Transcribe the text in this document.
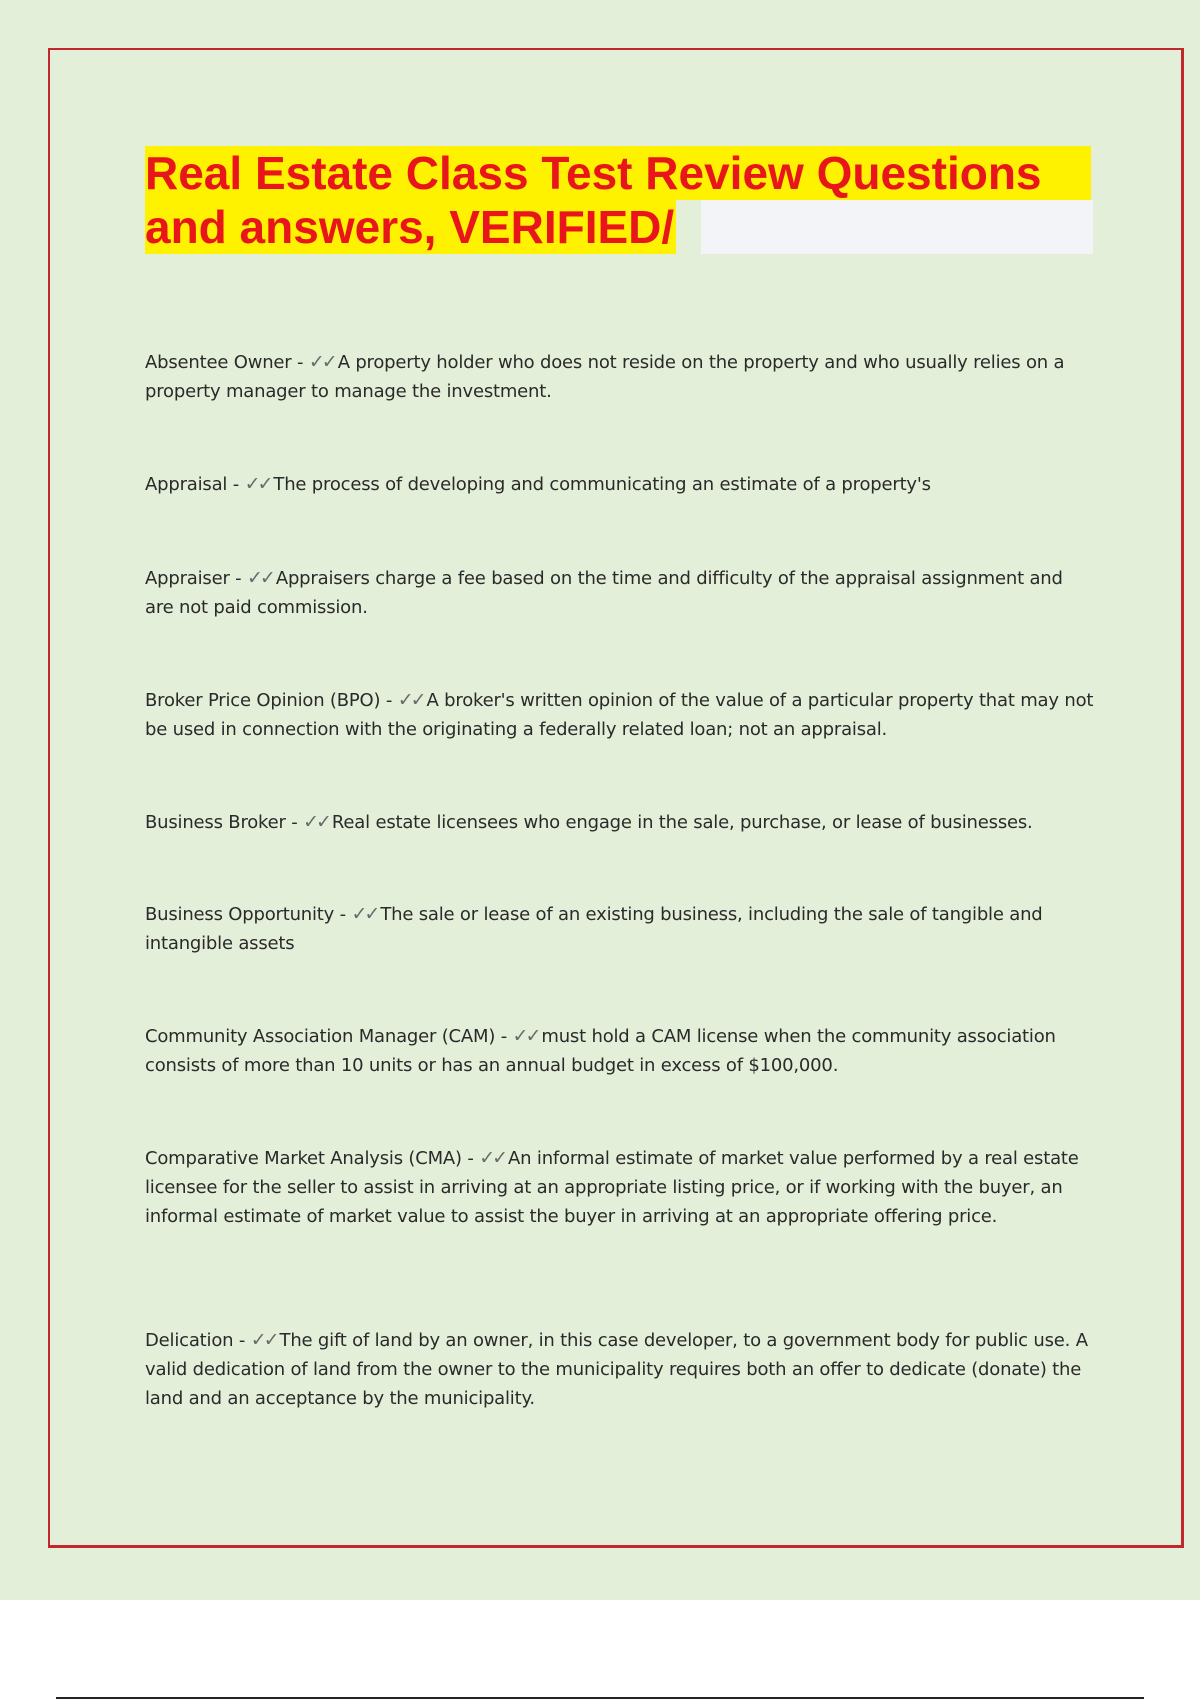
Real Estate Class Test Review Questions
and answers, VERIFIED/

Absentee Owner - ✓✓ A property holder who does not reside on the property and who usually relies on a property manager to manage the investment.

Appraisal - ✓✓ The process of developing and communicating an estimate of a property's

Appraiser - ✓✓ Appraisers charge a fee based on the time and difficulty of the appraisal assignment and are not paid commission.

Broker Price Opinion (BPO) - ✓✓ A broker's written opinion of the value of a particular property that may not be used in connection with the originating a federally related loan; not an appraisal.

Business Broker - ✓✓ Real estate licensees who engage in the sale, purchase, or lease of businesses.

Business Opportunity - ✓✓ The sale or lease of an existing business, including the sale of tangible and intangible assets

Community Association Manager (CAM) - ✓✓ must hold a CAM license when the community association consists of more than 10 units or has an annual budget in excess of $100,000.

Comparative Market Analysis (CMA) - ✓✓ An informal estimate of market value performed by a real estate licensee for the seller to assist in arriving at an appropriate listing price, or if working with the buyer, an informal estimate of market value to assist the buyer in arriving at an appropriate offering price.

Delication - ✓✓ The gift of land by an owner, in this case developer, to a government body for public use. A valid dedication of land from the owner to the municipality requires both an offer to dedicate (donate) the land and an acceptance by the municipality.
